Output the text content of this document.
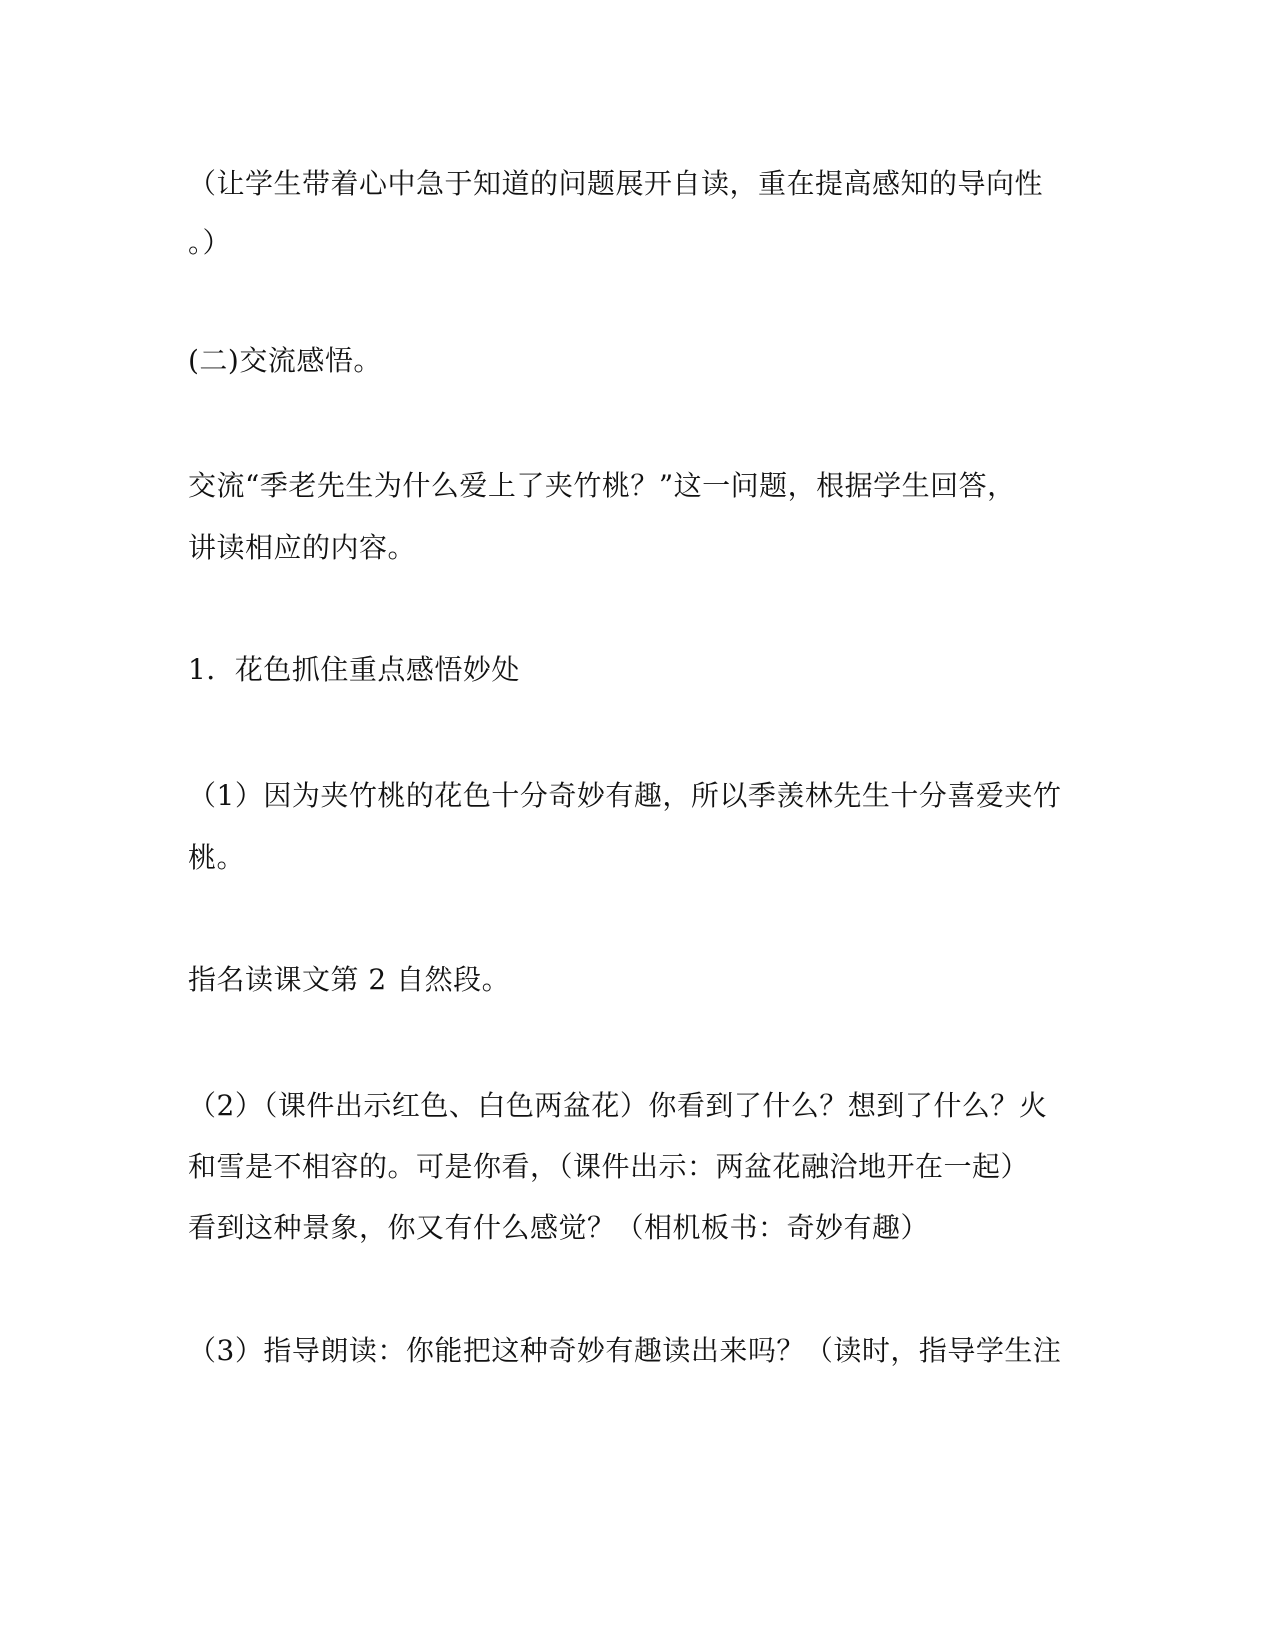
（让学生带着心中急于知道的问题展开自读，重在提高感知的导向性
。）
(二)交流感悟。
交流“季老先生为什么爱上了夹竹桃？”这一问题，根据学生回答，
讲读相应的内容。
1．花色抓住重点感悟妙处
（1）因为夹竹桃的花色十分奇妙有趣，所以季羡林先生十分喜爱夹竹
桃。
指名读课文第 2 自然段。
（2）（课件出示红色、白色两盆花）你看到了什么？想到了什么？火
和雪是不相容的。可是你看，（课件出示：两盆花融洽地开在一起）
看到这种景象，你又有什么感觉？（相机板书：奇妙有趣）
（3）指导朗读：你能把这种奇妙有趣读出来吗？（读时，指导学生注
